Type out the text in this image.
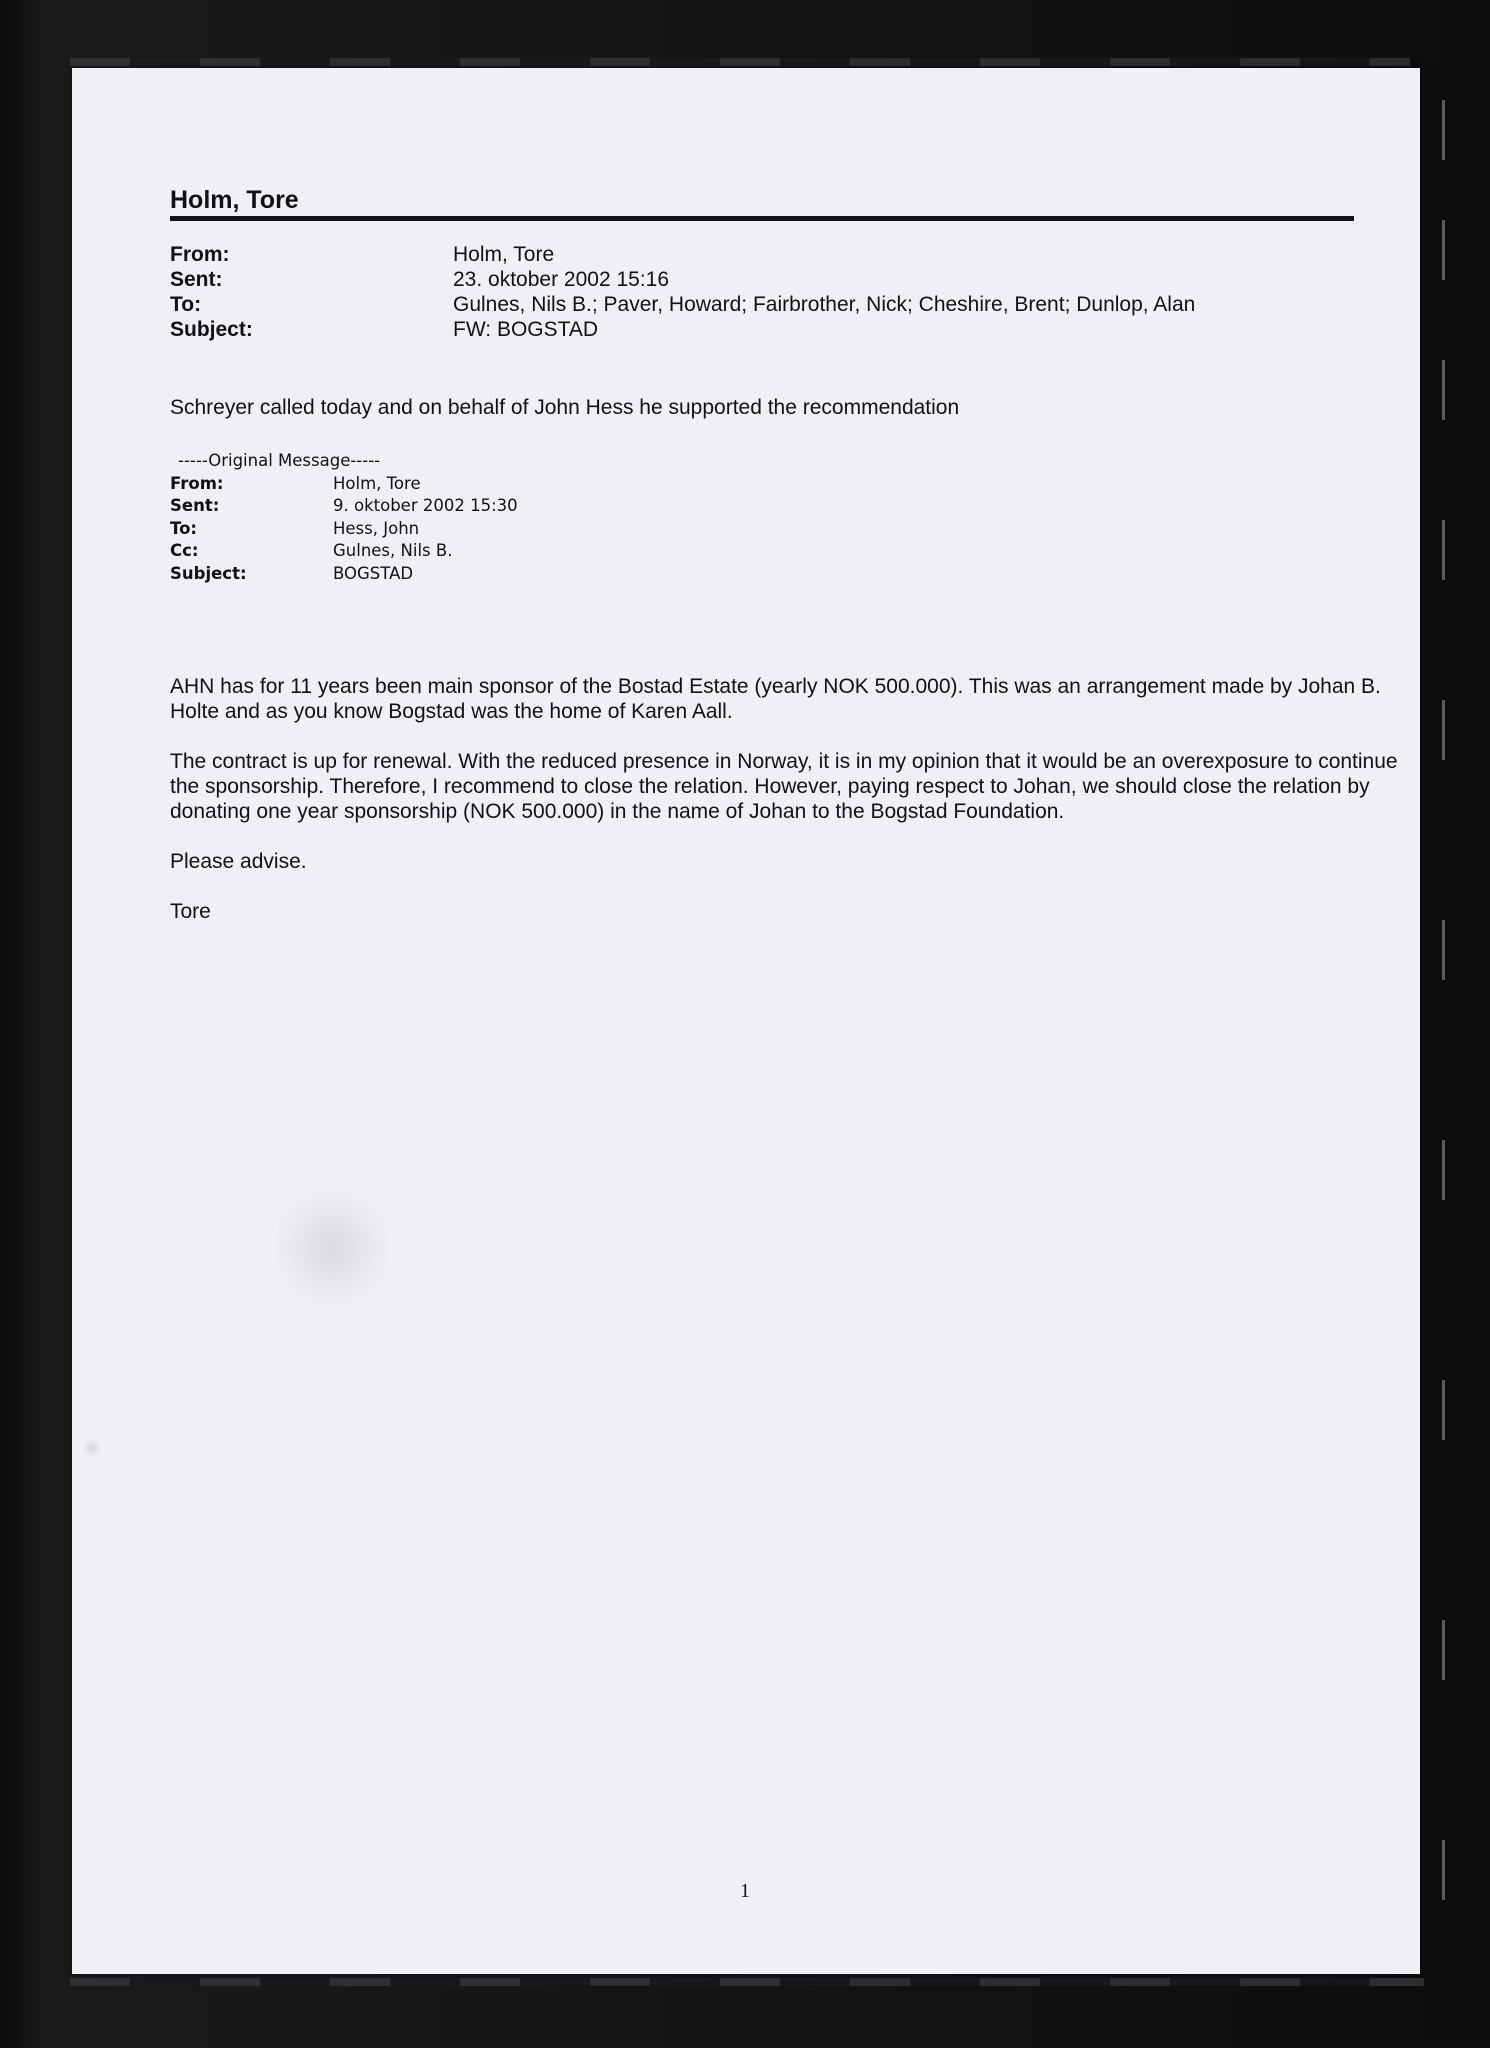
Holm, Tore
From:	Holm, Tore
Sent:	23. oktober 2002 15:16
To:	Gulnes, Nils B.; Paver, Howard; Fairbrother, Nick; Cheshire, Brent; Dunlop, Alan
Subject:	FW: BOGSTAD
Schreyer called today and on behalf of John Hess he supported the recommendation
-----Original Message-----
From:	Holm, Tore
Sent:	9. oktober 2002 15:30
To:	Hess, John
Cc:	Gulnes, Nils B.
Subject:	BOGSTAD

AHN has for 11 years been main sponsor of the Bostad Estate (yearly NOK 500.000). This was an arrangement made by Johan B. Holte and as you know Bogstad was the home of Karen Aall.

The contract is up for renewal. With the reduced presence in Norway, it is in my opinion that it would be an overexposure to continue the sponsorship. Therefore, I recommend to close the relation. However, paying respect to Johan, we should close the relation by donating one year sponsorship (NOK 500.000) in the name of Johan to the Bogstad Foundation.

Please advise.

Tore

1
